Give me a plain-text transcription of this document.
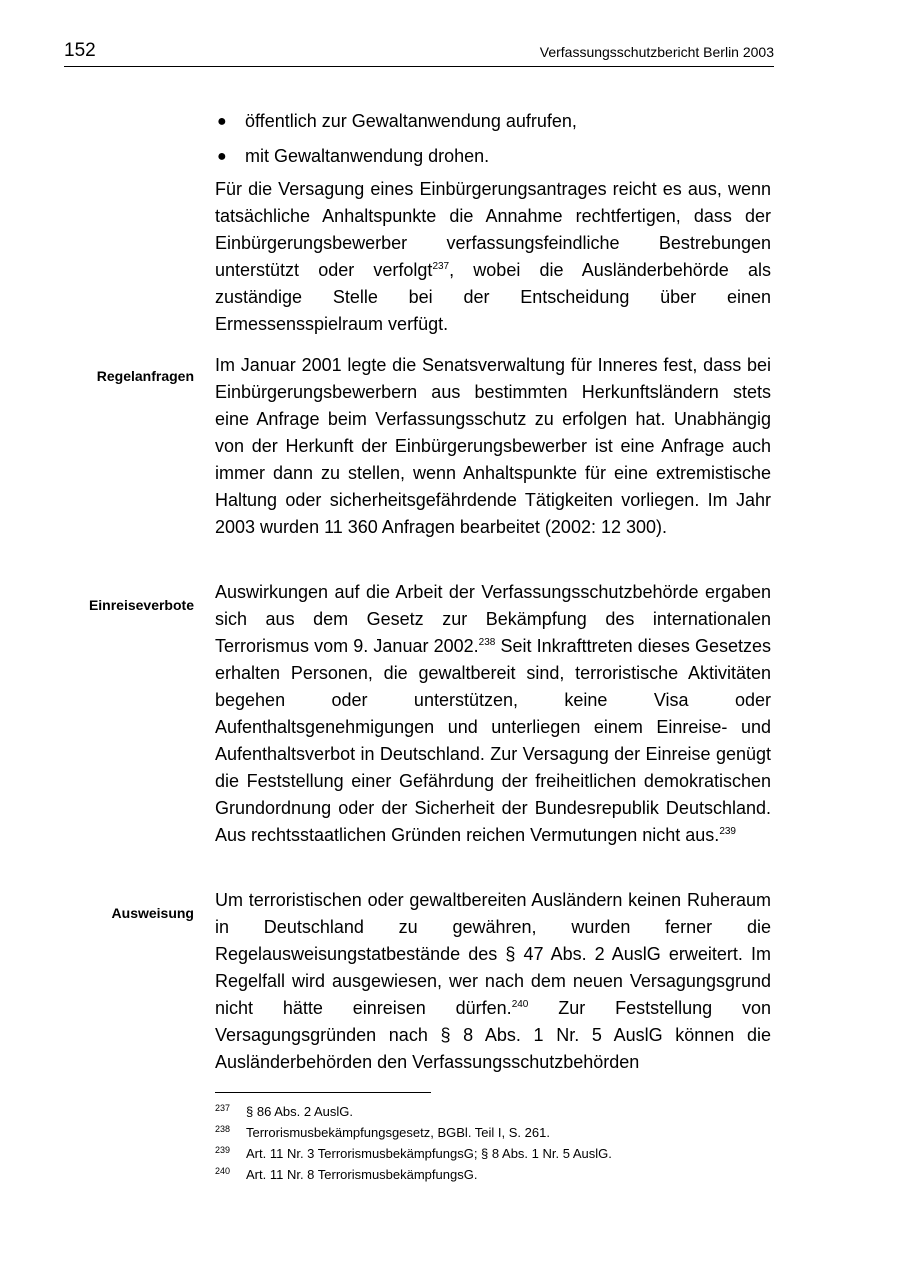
152	Verfassungsschutzbericht Berlin 2003
● öffentlich zur Gewaltanwendung aufrufen,
● mit Gewaltanwendung drohen.

Für die Versagung eines Einbürgerungsantrages reicht es aus, wenn tatsächliche Anhaltspunkte die Annahme rechtfertigen, dass der Einbürgerungsbewerber verfassungsfeindliche Bestrebungen unterstützt oder verfolgt$^{237}$, wobei die Ausländerbehörde als zuständige Stelle bei der Entscheidung über einen Ermessensspielraum verfügt.

Regelanfragen

Im Januar 2001 legte die Senatsverwaltung für Inneres fest, dass bei Einbürgerungsbewerbern aus bestimmten Herkunftsländern stets eine Anfrage beim Verfassungsschutz zu erfolgen hat. Unabhängig von der Herkunft der Einbürgerungsbewerber ist eine Anfrage auch immer dann zu stellen, wenn Anhaltspunkte für eine extremistische Haltung oder sicherheitsgefährdende Tätigkeiten vorliegen. Im Jahr 2003 wurden 11 360 Anfragen bearbeitet (2002: 12 300).

Einreiseverbote

Auswirkungen auf die Arbeit der Verfassungsschutzbehörde ergaben sich aus dem Gesetz zur Bekämpfung des internationalen Terrorismus vom 9. Januar 2002.$^{238}$ Seit Inkrafttreten dieses Gesetzes erhalten Personen, die gewaltbereit sind, terroristische Aktivitäten begehen oder unterstützen, keine Visa oder Aufenthaltsgenehmigungen und unterliegen einem Einreise- und Aufenthaltsverbot in Deutschland. Zur Versagung der Einreise genügt die Feststellung einer Gefährdung der freiheitlichen demokratischen Grundordnung oder der Sicherheit der Bundesrepublik Deutschland. Aus rechtsstaatlichen Gründen reichen Vermutungen nicht aus.$^{239}$

Ausweisung

Um terroristischen oder gewaltbereiten Ausländern keinen Ruheraum in Deutschland zu gewähren, wurden ferner die Regelausweisungstatbestände des § 47 Abs. 2 AuslG erweitert. Im Regelfall wird ausgewiesen, wer nach dem neuen Versagungsgrund nicht hätte einreisen dürfen.$^{240}$ Zur Feststellung von Versagungsgründen nach § 8 Abs. 1 Nr. 5 AuslG können die Ausländerbehörden den Verfassungsschutzbehörden

237 § 86 Abs. 2 AuslG.
238 Terrorismusbekämpfungsgesetz, BGBl. Teil I, S. 261.
239 Art. 11 Nr. 3 TerrorismusbekämpfungsG; § 8 Abs. 1 Nr. 5 AuslG.
240 Art. 11 Nr. 8 TerrorismusbekämpfungsG.
